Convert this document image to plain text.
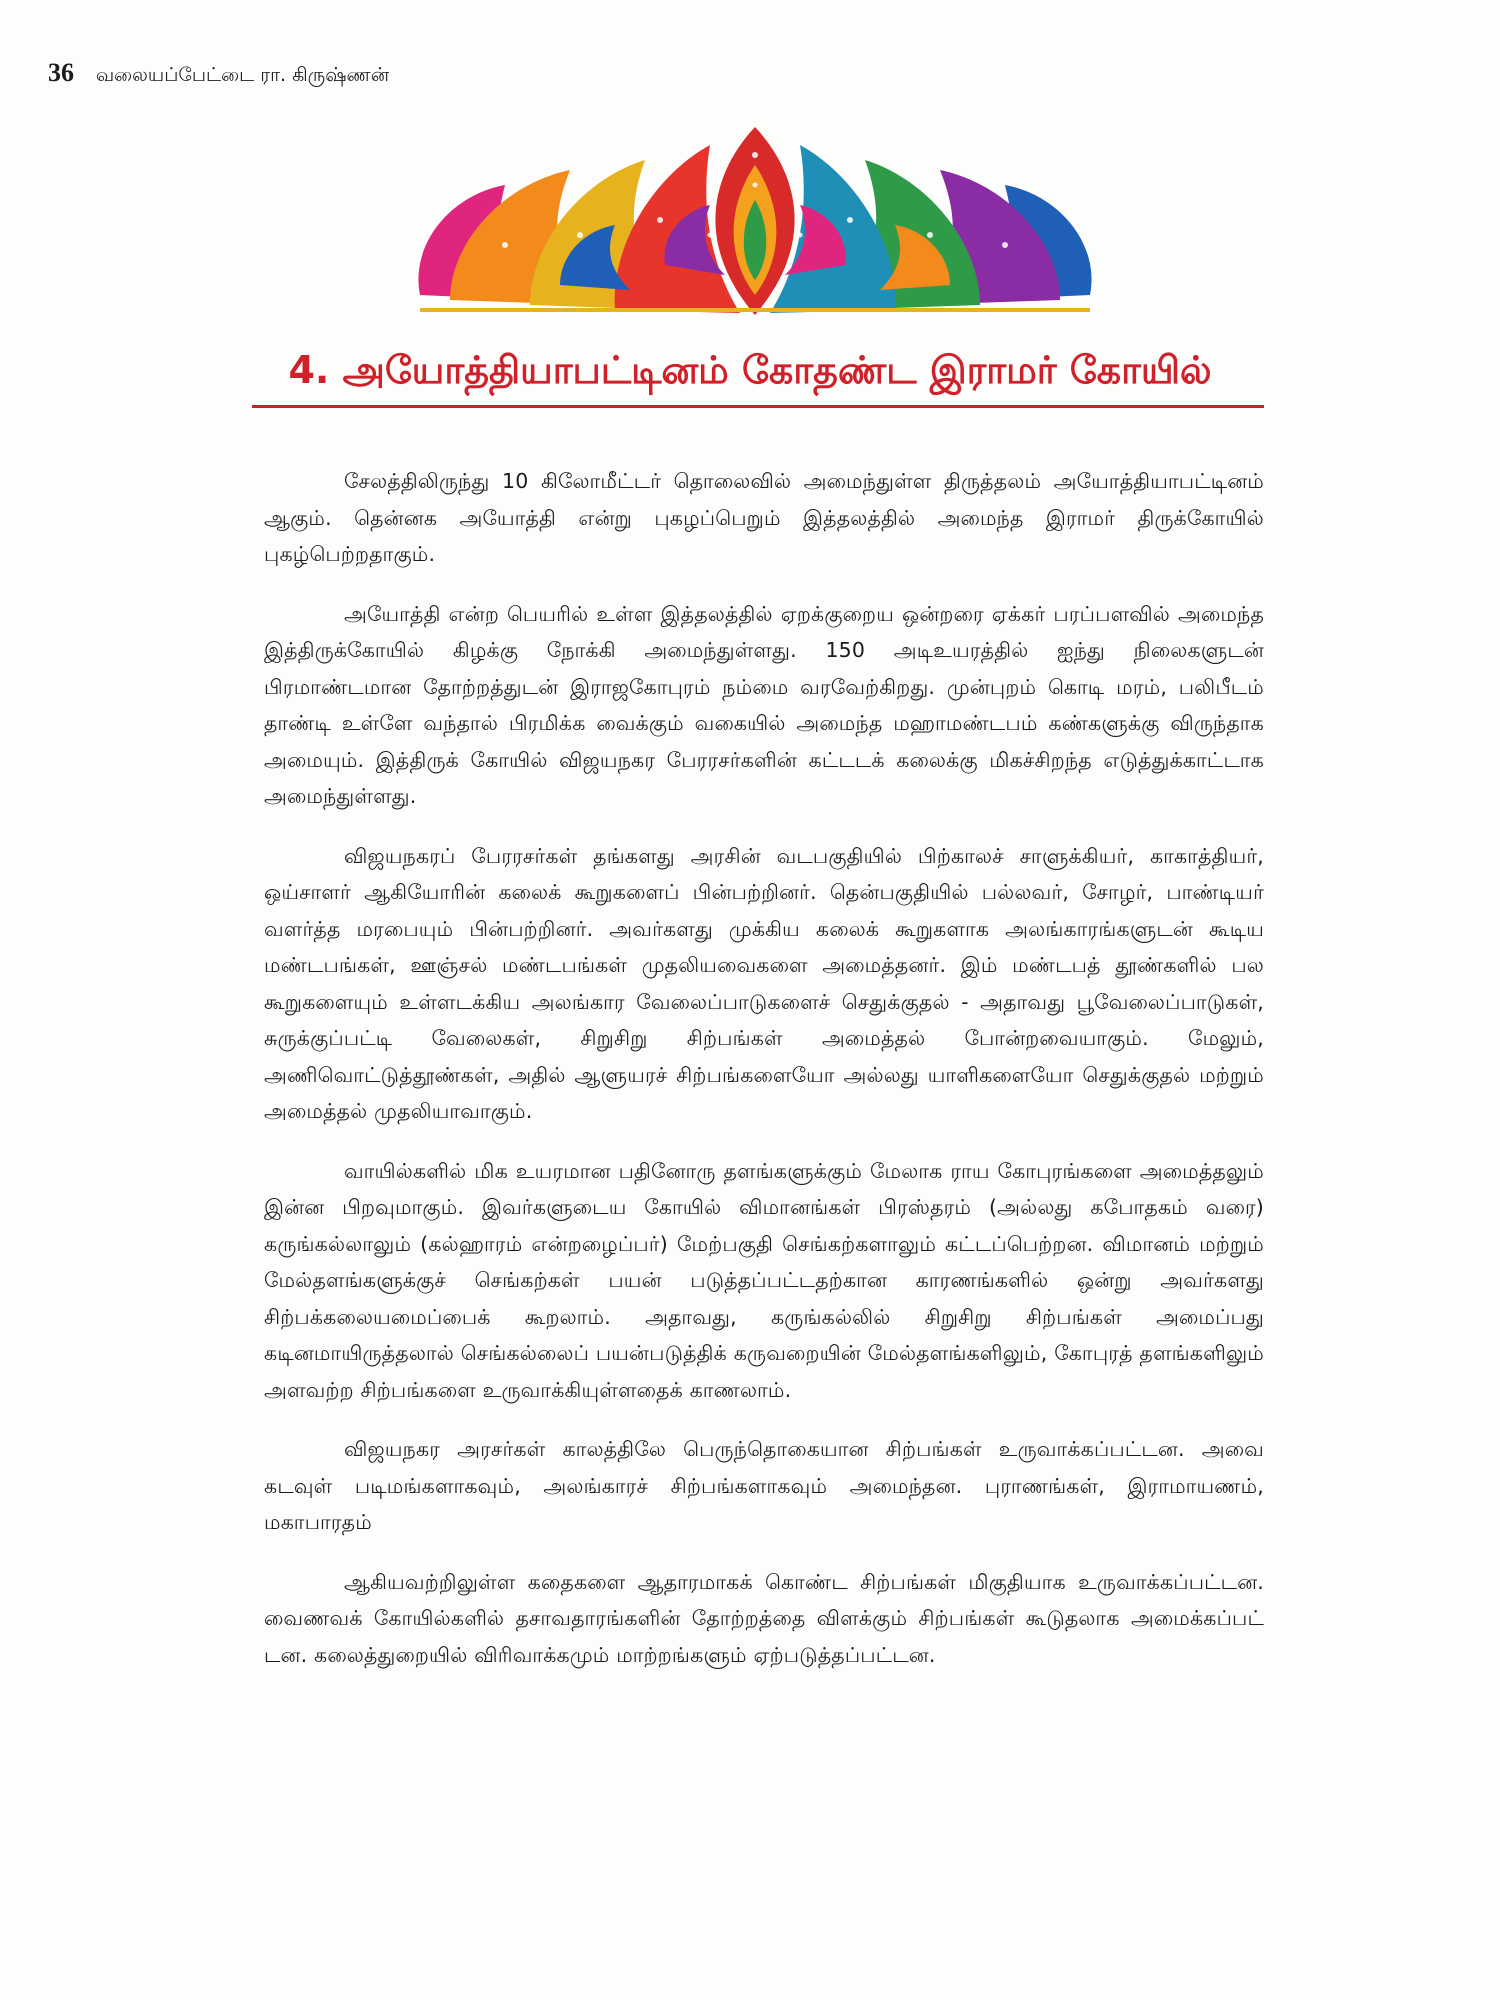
36 வலையப்பேட்டை ரா. கிருஷ்ணன்
4. அயோத்தியாபட்டினம் கோதண்ட இராமர் கோயில்

சேலத்திலிருந்து 10 கிலோமீட்டர் தொலைவில் அமைந்துள்ள திருத்தலம் அயோத்தியாபட்டினம் ஆகும். தென்னக அயோத்தி என்று புகழப்பெறும் இத்தலத்தில் அமைந்த இராமர் திருக்கோயில் புகழ்பெற்றதாகும்.

அயோத்தி என்ற பெயரில் உள்ள இத்தலத்தில் ஏறக்குறைய ஒன்றரை ஏக்கர் பரப்பளவில் அமைந்த இத்திருக்கோயில் கிழக்கு நோக்கி அமைந்துள்ளது. 150 அடிஉயரத்தில் ஐந்து நிலைகளுடன் பிரமாண்டமான தோற்றத்துடன் இராஜகோபுரம் நம்மை வரவேற்கிறது. முன்புறம் கொடி மரம், பலிபீடம் தாண்டி உள்ளே வந்தால் பிரமிக்க வைக்கும் வகையில் அமைந்த மஹாமண்டபம் கண்களுக்கு விருந்தாக அமையும். இத்திருக் கோயில் விஜயநகர பேரரசர்களின் கட்டடக் கலைக்கு மிகச்சிறந்த எடுத்துக்காட்டாக அமைந்துள்ளது.

விஜயநகரப் பேரரசர்கள் தங்களது அரசின் வடபகுதியில் பிற்காலச் சாளுக்கியர், காகாத்தியர், ஒய்சாளர் ஆகியோரின் கலைக் கூறுகளைப் பின்பற்றினர். தென்பகுதியில் பல்லவர், சோழர், பாண்டியர் வளர்த்த மரபையும் பின்பற்றினர். அவர்களது முக்கிய கலைக் கூறுகளாக அலங்காரங்களுடன் கூடிய மண்டபங்கள், ஊஞ்சல் மண்டபங்கள் முதலியவைகளை அமைத்தனர். இம் மண்டபத் தூண்களில் பல கூறுகளையும் உள்ளடக்கிய அலங்கார வேலைப்பாடுகளைச் செதுக்குதல் - அதாவது பூவேலைப்பாடுகள், சுருக்குப்பட்டி வேலைகள், சிறுசிறு சிற்பங்கள் அமைத்தல் போன்றவையாகும். மேலும், அணிவொட்டுத்தூண்கள், அதில் ஆளுயரச் சிற்பங்களையோ அல்லது யாளிகளையோ செதுக்குதல் மற்றும் அமைத்தல் முதலியாவாகும்.

வாயில்களில் மிக உயரமான பதினோரு தளங்களுக்கும் மேலாக ராய கோபுரங்களை அமைத்தலும் இன்ன பிறவுமாகும். இவர்களுடைய கோயில் விமானங்கள் பிரஸ்தரம் (அல்லது கபோதகம் வரை) கருங்கல்லாலும் (கல்ஹாரம் என்றழைப்பர்) மேற்பகுதி செங்கற்களாலும் கட்டப்பெற்றன. விமானம் மற்றும் மேல்தளங்களுக்குச் செங்கற்கள் பயன் படுத்தப்பட்டதற்கான காரணங்களில் ஒன்று அவர்களது சிற்பக்கலையமைப்பைக் கூறலாம். அதாவது, கருங்கல்லில் சிறுசிறு சிற்பங்கள் அமைப்பது கடினமாயிருத்தலால் செங்கல்லைப் பயன்படுத்திக் கருவறையின் மேல்தளங்களிலும், கோபுரத் தளங்களிலும் அளவற்ற சிற்பங்களை உருவாக்கியுள்ளதைக் காணலாம்.

விஜயநகர அரசர்கள் காலத்திலே பெருந்தொகையான சிற்பங்கள் உருவாக்கப்பட்டன. அவை கடவுள் படிமங்களாகவும், அலங்காரச் சிற்பங்களாகவும் அமைந்தன. புராணங்கள், இராமாயணம், மகாபாரதம்

ஆகியவற்றிலுள்ள கதைகளை ஆதாரமாகக் கொண்ட சிற்பங்கள் மிகுதியாக உருவாக்கப்பட்டன. வைணவக் கோயில்களில் தசாவதாரங்களின் தோற்றத்தை விளக்கும் சிற்பங்கள் கூடுதலாக அமைக்கப்பட் டன. கலைத்துறையில் விரிவாக்கமும் மாற்றங்களும் ஏற்படுத்தப்பட்டன.
